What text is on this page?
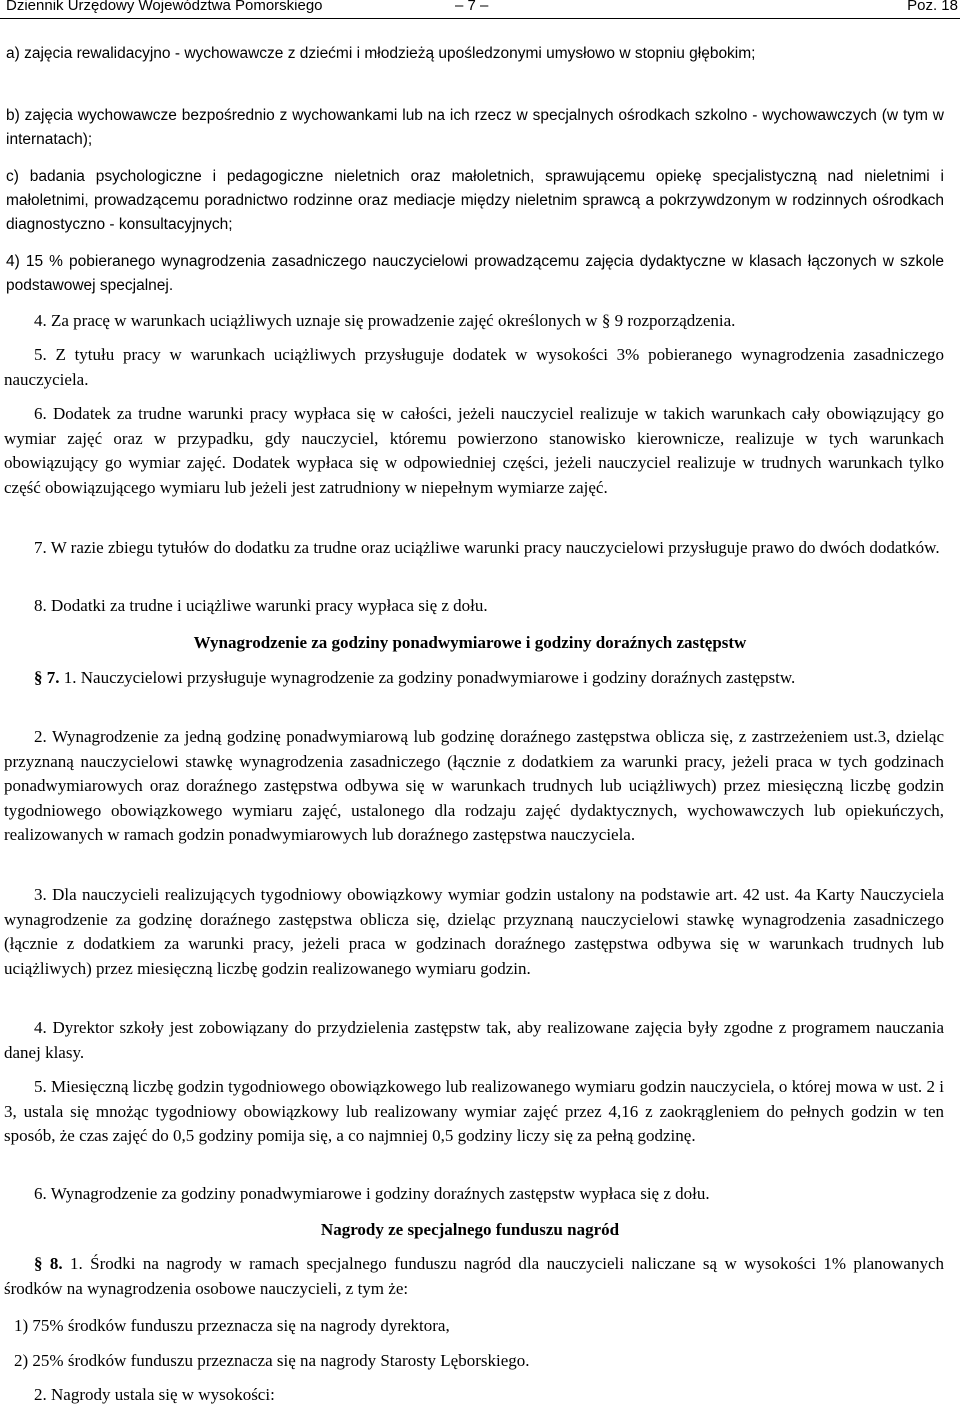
Dziennik Urzędowy Województwa Pomorskiego	– 7 –	Poz. 18
a) zajęcia rewalidacyjno - wychowawcze z dziećmi i młodzieżą upośledzonymi umysłowo w stopniu głębokim;
b) zajęcia wychowawcze bezpośrednio z wychowankami lub na ich rzecz w specjalnych ośrodkach szkolno - wychowawczych (w tym w internatach);
c) badania psychologiczne i pedagogiczne nieletnich oraz małoletnich, sprawującemu opiekę specjalistyczną nad nieletnimi i małoletnimi, prowadzącemu poradnictwo rodzinne oraz mediacje między nieletnim sprawcą a pokrzywdzonym w rodzinnych ośrodkach diagnostyczno - konsultacyjnych;
4) 15 % pobieranego wynagrodzenia zasadniczego nauczycielowi prowadzącemu zajęcia dydaktyczne w klasach łączonych w szkole podstawowej specjalnej.
4. Za pracę w warunkach uciążliwych uznaje się prowadzenie zajęć określonych w § 9 rozporządzenia.
5. Z tytułu pracy w warunkach uciążliwych przysługuje dodatek w wysokości 3% pobieranego wynagrodzenia zasadniczego nauczyciela.
6. Dodatek za trudne warunki pracy wypłaca się w całości, jeżeli nauczyciel realizuje w takich warunkach cały obowiązujący go wymiar zajęć oraz w przypadku, gdy nauczyciel, któremu powierzono stanowisko kierownicze, realizuje w tych warunkach obowiązujący go wymiar zajęć. Dodatek wypłaca się w odpowiedniej części, jeżeli nauczyciel realizuje w trudnych warunkach tylko część obowiązującego wymiaru lub jeżeli jest zatrudniony w niepełnym wymiarze zajęć.
7. W razie zbiegu tytułów do dodatku za trudne oraz uciążliwe warunki pracy nauczycielowi przysługuje prawo do dwóch dodatków.
8. Dodatki za trudne i uciążliwe warunki pracy wypłaca się z dołu.
Wynagrodzenie za godziny ponadwymiarowe i godziny doraźnych zastępstw
§ 7. 1. Nauczycielowi przysługuje wynagrodzenie za godziny ponadwymiarowe i godziny doraźnych zastępstw.
2. Wynagrodzenie za jedną godzinę ponadwymiarową lub godzinę doraźnego zastępstwa oblicza się, z zastrzeżeniem ust.3, dzieląc przyznaną nauczycielowi stawkę wynagrodzenia zasadniczego (łącznie z dodatkiem za warunki pracy, jeżeli praca w tych godzinach ponadwymiarowych oraz doraźnego zastępstwa odbywa się w warunkach trudnych lub uciążliwych) przez miesięczną liczbę godzin tygodniowego obowiązkowego wymiaru zajęć, ustalonego dla rodzaju zajęć dydaktycznych, wychowawczych lub opiekuńczych, realizowanych w ramach godzin ponadwymiarowych lub doraźnego zastępstwa nauczyciela.
3. Dla nauczycieli realizujących tygodniowy obowiązkowy wymiar godzin ustalony na podstawie art. 42 ust. 4a Karty Nauczyciela wynagrodzenie za godzinę doraźnego zastępstwa oblicza się, dzieląc przyznaną nauczycielowi stawkę wynagrodzenia zasadniczego (łącznie z dodatkiem za warunki pracy, jeżeli praca w godzinach doraźnego zastępstwa odbywa się w warunkach trudnych lub uciążliwych) przez miesięczną liczbę godzin realizowanego wymiaru godzin.
4. Dyrektor szkoły jest zobowiązany do przydzielenia zastępstw tak, aby realizowane zajęcia były zgodne z programem nauczania danej klasy.
5. Miesięczną liczbę godzin tygodniowego obowiązkowego lub realizowanego wymiaru godzin nauczyciela, o której mowa w ust. 2 i 3, ustala się mnożąc tygodniowy obowiązkowy lub realizowany wymiar zajęć przez 4,16 z zaokrągleniem do pełnych godzin w ten sposób, że czas zajęć do 0,5 godziny pomija się, a co najmniej 0,5 godziny liczy się za pełną godzinę.
6. Wynagrodzenie za godziny ponadwymiarowe i godziny doraźnych zastępstw wypłaca się z dołu.
Nagrody ze specjalnego funduszu nagród
§ 8. 1. Środki na nagrody w ramach specjalnego funduszu nagród dla nauczycieli naliczane są w wysokości 1% planowanych środków na wynagrodzenia osobowe nauczycieli, z tym że:
1) 75% środków funduszu przeznacza się na nagrody dyrektora,
2) 25% środków funduszu przeznacza się na nagrody Starosty Lęborskiego.
2. Nagrody ustala się w wysokości:
